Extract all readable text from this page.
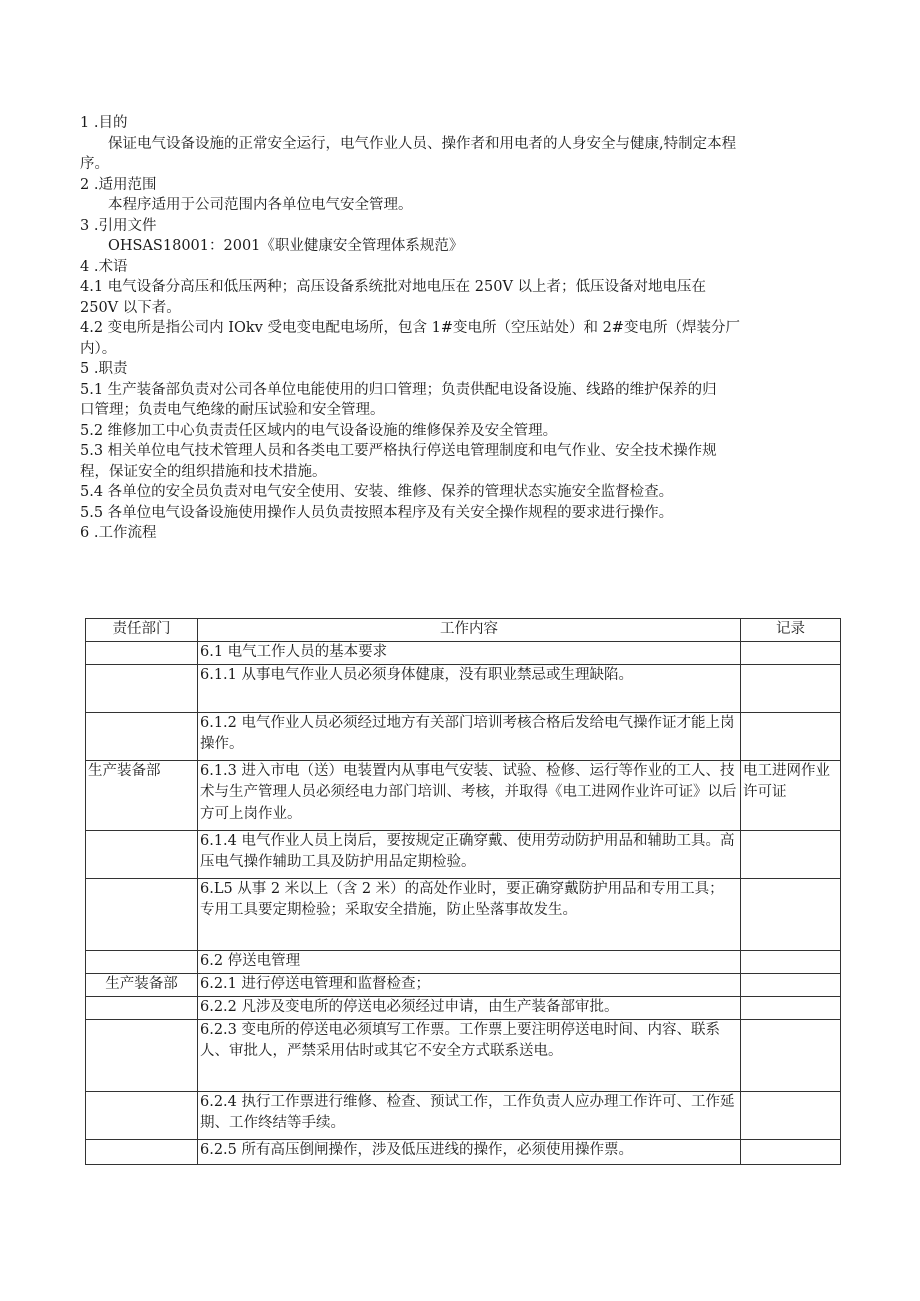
1 .目的
保证电气设备设施的正常安全运行，电气作业人员、操作者和用电者的人身安全与健康,特制定本程
序。
2 .适用范围
本程序适用于公司范围内各单位电气安全管理。
3 .引用文件
OHSAS18001：2001《职业健康安全管理体系规范》
4 .术语
4.1 电气设备分高压和低压两种；高压设备系统批对地电压在 250V 以上者；低压设备对地电压在
250V 以下者。
4.2 变电所是指公司内 IOkv 受电变电配电场所，包含 1#变电所（空压站处）和 2#变电所（焊装分厂
内）。
5 .职责
5.1 生产装备部负责对公司各单位电能使用的归口管理；负责供配电设备设施、线路的维护保养的归
口管理；负责电气绝缘的耐压试验和安全管理。
5.2 维修加工中心负责责任区域内的电气设备设施的维修保养及安全管理。
5.3 相关单位电气技术管理人员和各类电工要严格执行停送电管理制度和电气作业、安全技术操作规
程，保证安全的组织措施和技术措施。
5.4 各单位的安全员负责对电气安全使用、安装、维修、保养的管理状态实施安全监督检查。
5.5 各单位电气设备设施使用操作人员负责按照本程序及有关安全操作规程的要求进行操作。
6 .工作流程
责任部门	工作内容	记录
	6.1 电气工作人员的基本要求	
	6.1.1 从事电气作业人员必须身体健康，没有职业禁忌或生理缺陷。	
	6.1.2 电气作业人员必须经过地方有关部门培训考核合格后发给电气操作证才能上岗操作。	
生产装备部	6.1.3 进入市电（送）电装置内从事电气安装、试验、检修、运行等作业的工人、技术与生产管理人员必须经电力部门培训、考核，并取得《电工进网作业许可证》以后方可上岗作业。	电工进网作业许可证
	6.1.4 电气作业人员上岗后，要按规定正确穿戴、使用劳动防护用品和辅助工具。高压电气操作辅助工具及防护用品定期检验。	
	6.L5 从事 2 米以上（含 2 米）的高处作业时，要正确穿戴防护用品和专用工具；专用工具要定期检验；采取安全措施，防止坠落事故发生。	
	6.2 停送电管理	
生产装备部	6.2.1 进行停送电管理和监督检查；	
	6.2.2 凡涉及变电所的停送电必须经过申请，由生产装备部审批。	
	6.2.3 变电所的停送电必须填写工作票。工作票上要注明停送电时间、内容、联系人、审批人，严禁采用估时或其它不安全方式联系送电。	
	6.2.4 执行工作票进行维修、检查、预试工作，工作负责人应办理工作许可、工作延期、工作终结等手续。	
	6.2.5 所有高压倒闸操作，涉及低压进线的操作，必须使用操作票。	
